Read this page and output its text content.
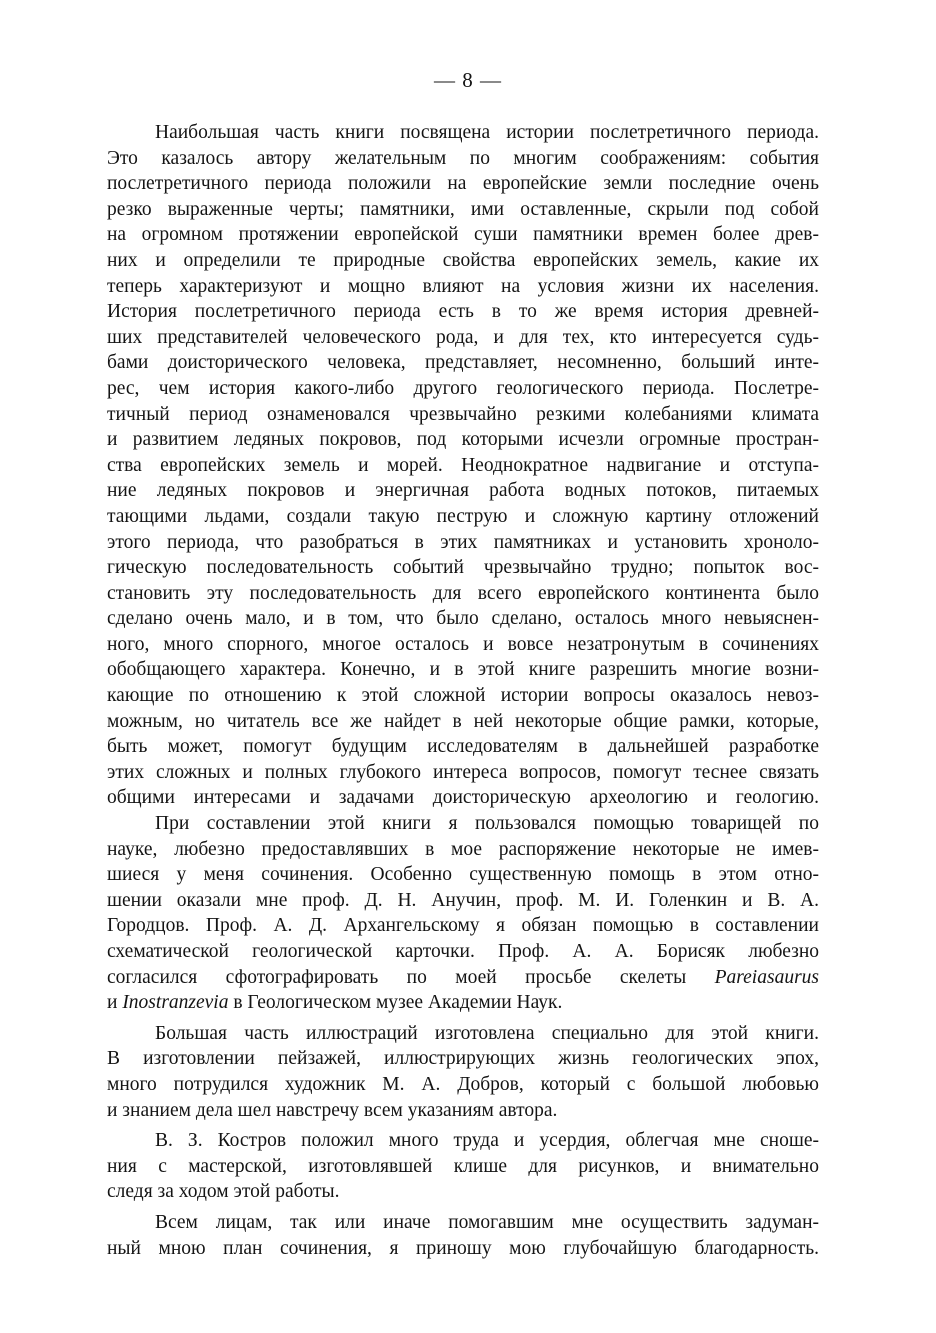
— 8 —
Наибольшая часть книги посвящена истории послетретичного периода.
Это казалось автору желательным по многим соображениям: события
послетретичного периода положили на европейские земли последние очень
резко выраженные черты; памятники, ими оставленные, скрыли под собой
на огромном протяжении европейской суши памятники времен более древ-
них и определили те природные свойства европейских земель, какие их
теперь характеризуют и мощно влияют на условия жизни их населения.
История послетретичного периода есть в то же время история древней-
ших представителей человеческого рода, и для тех, кто интересуется судь-
бами доисторического человека, представляет, несомненно, больший инте-
рес, чем история какого-либо другого геологического периода. Послетре-
тичный период ознаменовался чрезвычайно резкими колебаниями климата
и развитием ледяных покровов, под которыми исчезли огромные простран-
ства европейских земель и морей. Неоднократное надвигание и отступа-
ние ледяных покровов и энергичная работа водных потоков, питаемых
тающими льдами, создали такую пеструю и сложную картину отложений
этого периода, что разобраться в этих памятниках и установить хроноло-
гическую последовательность событий чрезвычайно трудно; попыток вос-
становить эту последовательность для всего европейского континента было
сделано очень мало, и в том, что было сделано, осталось много невыяснен-
ного, много спорного, многое осталось и вовсе незатронутым в сочинениях
обобщающего характера. Конечно, и в этой книге разрешить многие возни-
кающие по отношению к этой сложной истории вопросы оказалось невоз-
можным, но читатель все же найдет в ней некоторые общие рамки, которые,
быть может, помогут будущим исследователям в дальнейшей разработке
этих сложных и полных глубокого интереса вопросов, помогут теснее связать
общими интересами и задачами доисторическую археологию и геологию.
При составлении этой книги я пользовался помощью товарищей по
науке, любезно предоставлявших в мое распоряжение некоторые не имев-
шиеся у меня сочинения. Особенно существенную помощь в этом отно-
шении оказали мне проф. Д. Н. Анучин, проф. М. И. Голенкин и В. А.
Городцов. Проф. А. Д. Архангельскому я обязан помощью в составлении
схематической геологической карточки. Проф. А. А. Борисяк любезно
согласился сфотографировать по моей просьбе скелеты Pareiasaurus
и Inostranzevia в Геологическом музее Академии Наук.
Большая часть иллюстраций изготовлена специально для этой книги.
В изготовлении пейзажей, иллюстрирующих жизнь геологических эпох,
много потрудился художник М. А. Добров, который с большой любовью
и знанием дела шел навстречу всем указаниям автора.
В. З. Костров положил много труда и усердия, облегчая мне сноше-
ния с мастерской, изготовлявшей клише для рисунков, и внимательно
следя за ходом этой работы.
Всем лицам, так или иначе помогавшим мне осуществить задуман-
ный мною план сочинения, я приношу мою глубочайшую благодарность.
